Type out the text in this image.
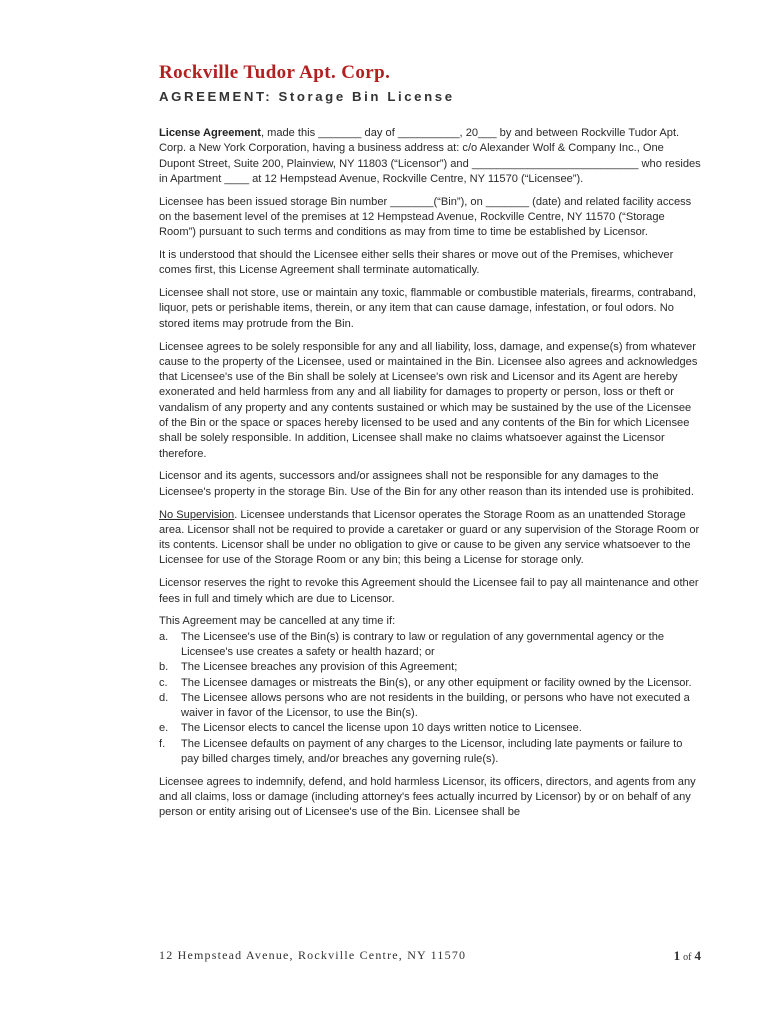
Rockville Tudor Apt. Corp.
AGREEMENT: Storage Bin License

License Agreement, made this _______ day of __________, 20___ by and between Rockville Tudor Apt. Corp. a New York Corporation, having a business address at: c/o Alexander Wolf & Company Inc., One Dupont Street, Suite 200, Plainview, NY 11803 (“Licensor”) and ___________________________ who resides in Apartment ____ at 12 Hempstead Avenue, Rockville Centre, NY 11570 (“Licensee”).

Licensee has been issued storage Bin number _______(“Bin”), on _______ (date) and related facility access on the basement level of the premises at 12 Hempstead Avenue, Rockville Centre, NY 11570 (“Storage Room”) pursuant to such terms and conditions as may from time to time be established by Licensor.

It is understood that should the Licensee either sells their shares or move out of the Premises, whichever comes first, this License Agreement shall terminate automatically.

Licensee shall not store, use or maintain any toxic, flammable or combustible materials, firearms, contraband, liquor, pets or perishable items, therein, or any item that can cause damage, infestation, or foul odors. No stored items may protrude from the Bin.

Licensee agrees to be solely responsible for any and all liability, loss, damage, and expense(s) from whatever cause to the property of the Licensee, used or maintained in the Bin. Licensee also agrees and acknowledges that Licensee's use of the Bin shall be solely at Licensee's own risk and Licensor and its Agent are hereby exonerated and held harmless from any and all liability for damages to property or person, loss or theft or vandalism of any property and any contents sustained or which may be sustained by the use of the Licensee of the Bin or the space or spaces hereby licensed to be used and any contents of the Bin for which Licensee shall be solely responsible. In addition, Licensee shall make no claims whatsoever against the Licensor therefore.

Licensor and its agents, successors and/or assignees shall not be responsible for any damages to the Licensee's property in the storage Bin. Use of the Bin for any other reason than its intended use is prohibited.

No Supervision. Licensee understands that Licensor operates the Storage Room as an unattended Storage area. Licensor shall not be required to provide a caretaker or guard or any supervision of the Storage Room or its contents. Licensor shall be under no obligation to give or cause to be given any service whatsoever to the Licensee for use of the Storage Room or any bin; this being a License for storage only.

Licensor reserves the right to revoke this Agreement should the Licensee fail to pay all maintenance and other fees in full and timely which are due to Licensor.

This Agreement may be cancelled at any time if:

a. The Licensee's use of the Bin(s) is contrary to law or regulation of any governmental agency or the Licensee's use creates a safety or health hazard; or
b. The Licensee breaches any provision of this Agreement;
c. The Licensee damages or mistreats the Bin(s), or any other equipment or facility owned by the Licensor.
d. The Licensee allows persons who are not residents in the building, or persons who have not executed a waiver in favor of the Licensor, to use the Bin(s).
e. The Licensor elects to cancel the license upon 10 days written notice to Licensee.
f. The Licensee defaults on payment of any charges to the Licensor, including late payments or failure to pay billed charges timely, and/or breaches any governing rule(s).

Licensee agrees to indemnify, defend, and hold harmless Licensor, its officers, directors, and agents from any and all claims, loss or damage (including attorney's fees actually incurred by Licensor) by or on behalf of any person or entity arising out of Licensee's use of the Bin. Licensee shall be

12 Hempstead Avenue, Rockville Centre, NY 11570	1 of 4
